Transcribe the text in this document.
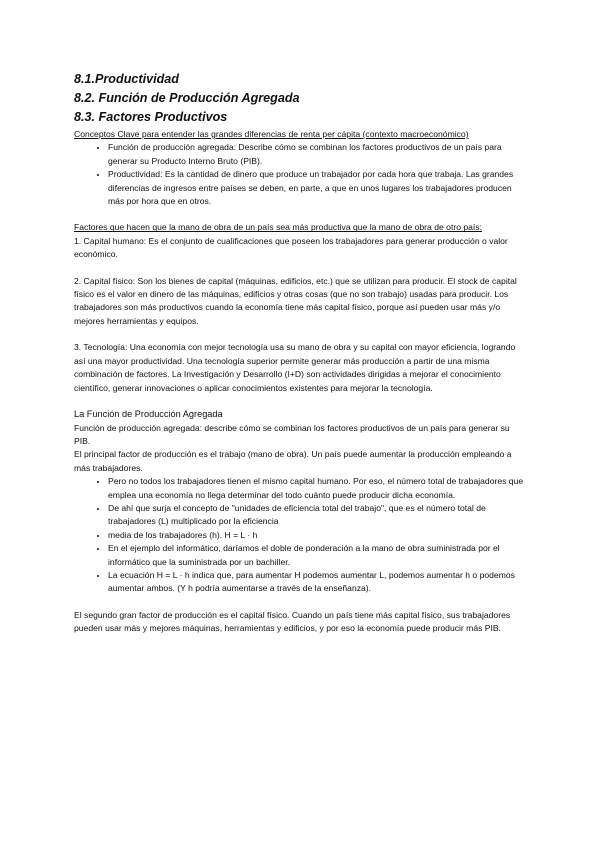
8.1.Productividad

8.2. Función de Producción Agregada

8.3. Factores Productivos

Conceptos Clave para entender las grandes diferencias de renta per cápita (contexto macroeconómico)

• Función de producción agregada: Describe cómo se combinan los factores productivos de un país para generar su Producto Interno Bruto (PIB).
• Productividad: Es la cantidad de dinero que produce un trabajador por cada hora que trabaja. Las grandes diferencias de ingresos entre países se deben, en parte, a que en unos lugares los trabajadores producen más por hora que en otros.

Factores que hacen que la mano de obra de un país sea más productiva que la mano de obra de otro país:

1. Capital humano: Es el conjunto de cualificaciones que poseen los trabajadores para generar producción o valor económico.

2. Capital físico: Son los bienes de capital (máquinas, edificios, etc.) que se utilizan para producir. El stock de capital físico es el valor en dinero de las máquinas, edificios y otras cosas (que no son trabajo) usadas para producir. Los trabajadores son más productivos cuando la economía tiene más capital físico, porque así pueden usar más y/o mejores herramientas y equipos.

3. Tecnología: Una economía con mejor tecnología usa su mano de obra y su capital con mayor eficiencia, logrando así una mayor productividad. Una tecnología superior permite generar más producción a partir de una misma combinación de factores. La Investigación y Desarrollo (I+D) son actividades dirigidas a mejorar el conocimiento científico, generar innovaciones o aplicar conocimientos existentes para mejorar la tecnología.

La Función de Producción Agregada

Función de producción agregada: describe cómo se combinan los factores productivos de un país para generar su PIB.

El principal factor de producción es el trabajo (mano de obra). Un país puede aumentar la producción empleando a más trabajadores.

• Pero no todos los trabajadores tienen el mismo capital humano. Por eso, el número total de trabajadores que emplea una economía no llega determinar del todo cuánto puede producir dicha economía.
• De ahí que surja el concepto de "unidades de eficiencia total del trabajo", que es el número total de trabajadores (L) multiplicado por la eficiencia
• media de los trabajadores (h). H = L · h
• En el ejemplo del informático, daríamos el doble de ponderación a la mano de obra suministrada por el informático que la suministrada por un bachiller.
• La ecuación H = L · h indica que, para aumentar H podemos aumentar L, podemos aumentar h o podemos aumentar ambos. (Y h podría aumentarse a través de la enseñanza).

El segundo gran factor de producción es el capital físico. Cuando un país tiene más capital físico, sus trabajadores pueden usar más y mejores máquinas, herramientas y edificios, y por eso la economía puede producir más PIB.
